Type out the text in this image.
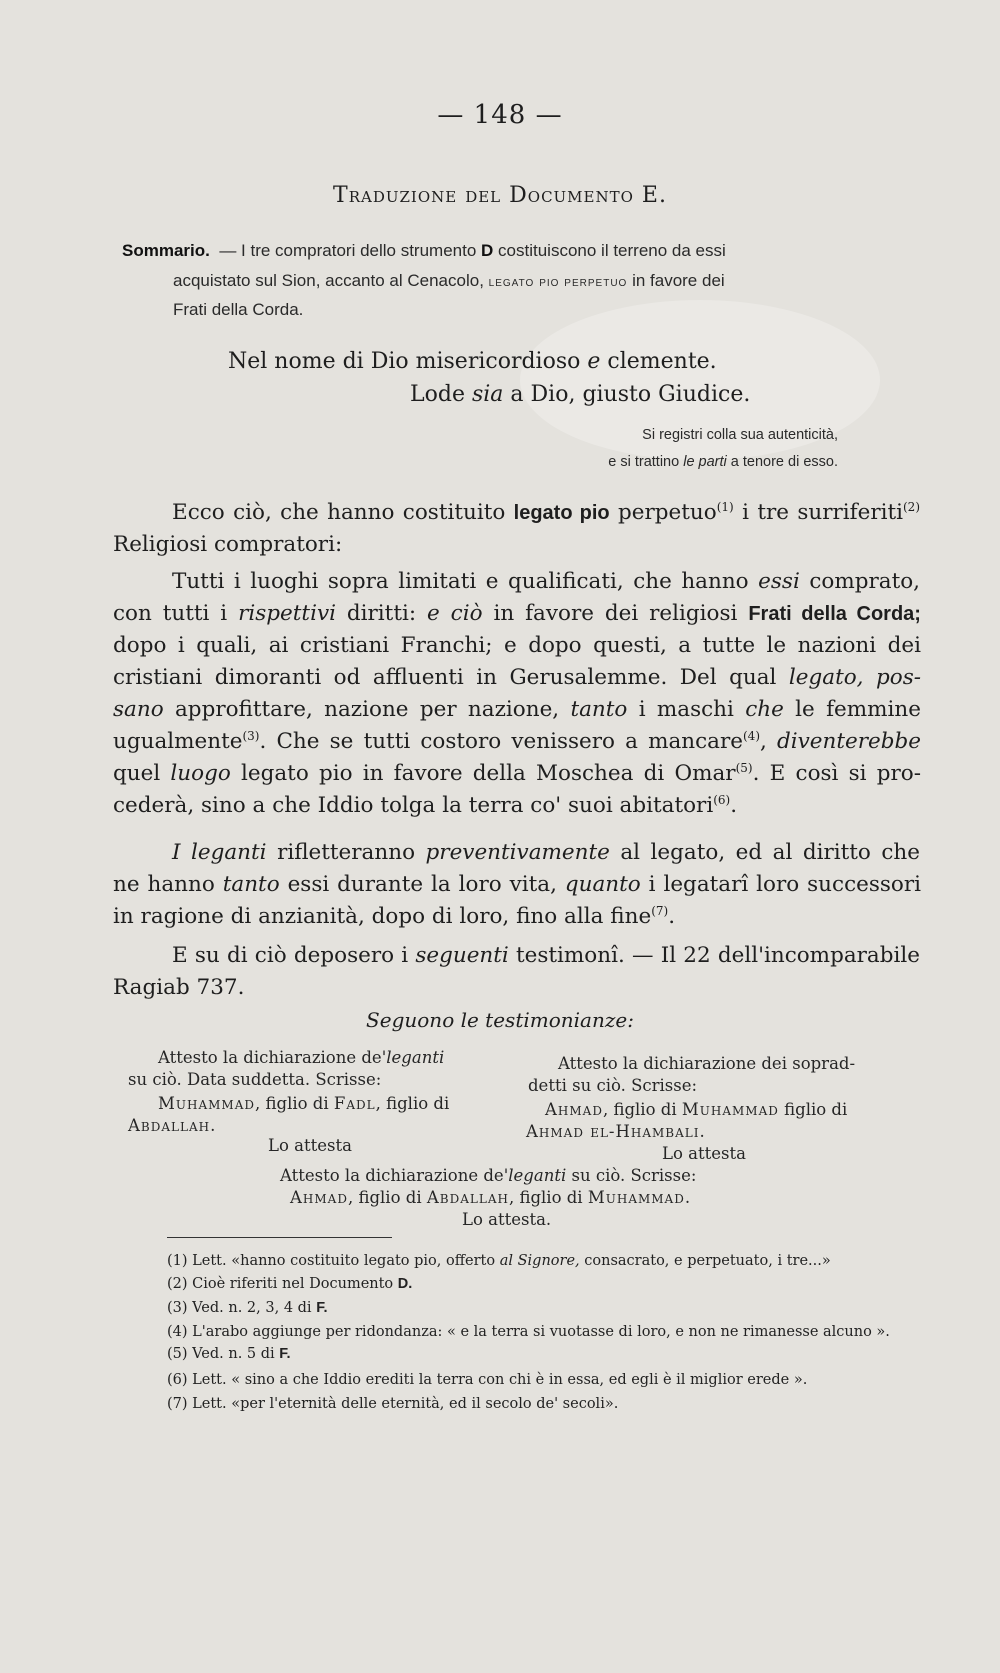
— 148 —
Traduzione del Documento E.
Sommario. — I tre compratori dello strumento D costituiscono il terreno da essi
acquistato sul Sion, accanto al Cenacolo, legato pio perpetuo in favore dei
Frati della Corda.
Nel nome di Dio misericordioso e clemente.
Lode sia a Dio, giusto Giudice.
Si registri colla sua autenticità,
e si trattino le parti a tenore di esso.
Ecco ciò, che hanno costituito legato pio perpetuo$^{(1)}$ i tre surriferiti$^{(2)}$
Religiosi compratori:
Tutti i luoghi sopra limitati e qualificati, che hanno essi comprato,
con tutti i rispettivi diritti: e ciò in favore dei religiosi Frati della Corda;
dopo i quali, ai cristiani Franchi; e dopo questi, a tutte le nazioni dei
cristiani dimoranti od affluenti in Gerusalemme. Del qual legato, pos-
sano approfittare, nazione per nazione, tanto i maschi che le femmine
ugualmente$^{(3)}$. Che se tutti costoro venissero a mancare$^{(4)}$, diventerebbe
quel luogo legato pio in favore della Moschea di Omar$^{(5)}$. E così si pro-
cederà, sino a che Iddio tolga la terra co' suoi abitatori$^{(6)}$.
I leganti rifletteranno preventivamente al legato, ed al diritto che
ne hanno tanto essi durante la loro vita, quanto i legatarî loro successori
in ragione di anzianità, dopo di loro, fino alla fine$^{(7)}$.
E su di ciò deposero i seguenti testimonî. — Il 22 dell'incomparabile
Ragiab 737.
Seguono le testimonianze:
Attesto la dichiarazione de'leganti
su ciò. Data suddetta. Scrisse:
Muhammad, figlio di Fadl, figlio di
Abdallah.
Lo attesta
Attesto la dichiarazione dei soprad-
detti su ciò. Scrisse:
Ahmad, figlio di Muhammad figlio di
Ahmad el-Hhambali.
Lo attesta
Attesto la dichiarazione de'leganti su ciò. Scrisse:
Ahmad, figlio di Abdallah, figlio di Muhammad.
Lo attesta.
(1) Lett. «hanno costituito legato pio, offerto al Signore, consacrato, e perpetuato, i tre...»
(2) Cioè riferiti nel Documento D.
(3) Ved. n. 2, 3, 4 di F.
(4) L'arabo aggiunge per ridondanza: « e la terra si vuotasse di loro, e non ne rimanesse alcuno ».
(5) Ved. n. 5 di F.
(6) Lett. « sino a che Iddio erediti la terra con chi è in essa, ed egli è il miglior erede ».
(7) Lett. «per l'eternità delle eternità, ed il secolo de' secoli».
